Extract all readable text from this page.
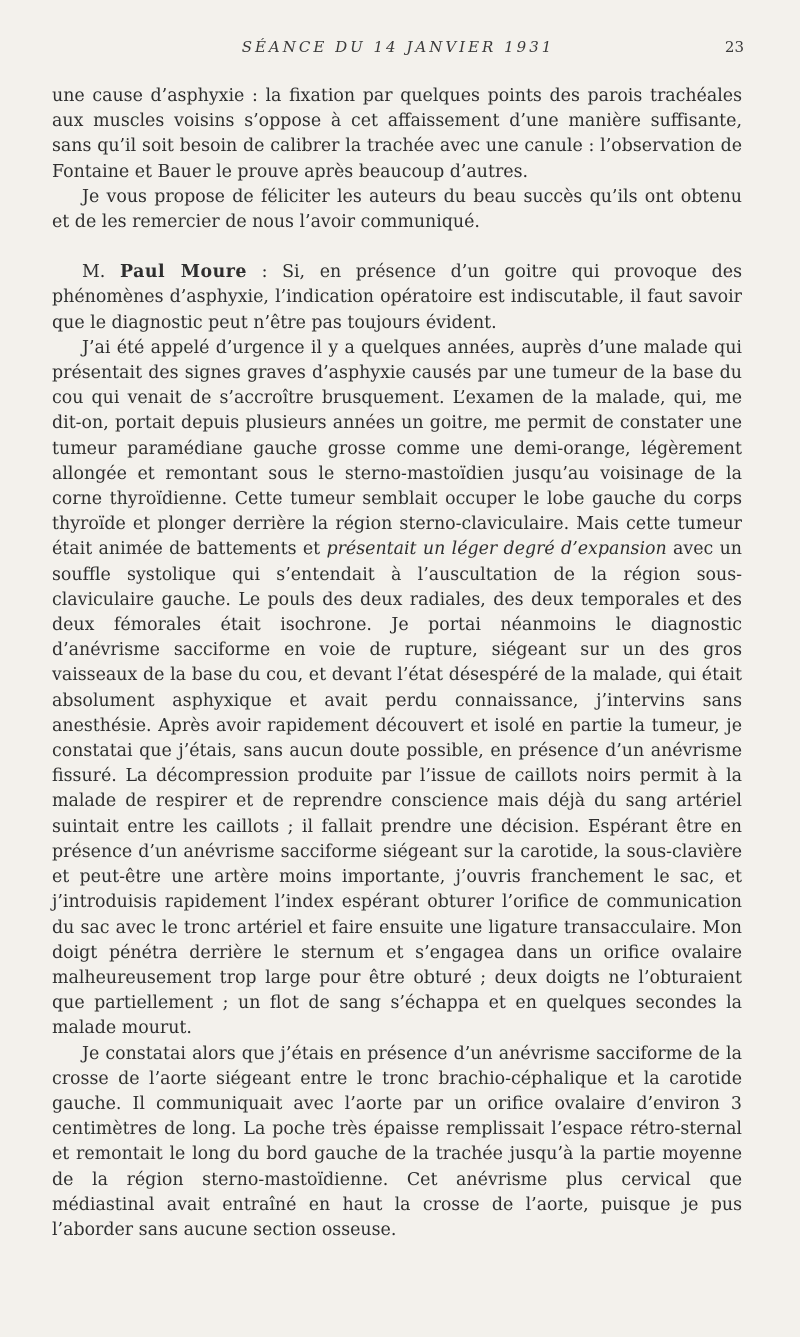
SÉANCE DU 14 JANVIER 1931	23

une cause d’asphyxie : la fixation par quelques points des parois trachéales aux muscles voisins s’oppose à cet affaissement d’une manière suffisante, sans qu’il soit besoin de calibrer la trachée avec une canule : l’observation de Fontaine et Bauer le prouve après beaucoup d’autres.

Je vous propose de féliciter les auteurs du beau succès qu’ils ont obtenu et de les remercier de nous l’avoir communiqué.

M. Paul Moure : Si, en présence d’un goitre qui provoque des phénomènes d’asphyxie, l’indication opératoire est indiscutable, il faut savoir que le diagnostic peut n’être pas toujours évident.

J’ai été appelé d’urgence il y a quelques années, auprès d’une malade qui présentait des signes graves d’asphyxie causés par une tumeur de la base du cou qui venait de s’accroître brusquement. L’examen de la malade, qui, me dit-on, portait depuis plusieurs années un goitre, me permit de constater une tumeur paramédiane gauche grosse comme une demi-orange, légèrement allongée et remontant sous le sterno-mastoïdien jusqu’au voisinage de la corne thyroïdienne. Cette tumeur semblait occuper le lobe gauche du corps thyroïde et plonger derrière la région sterno-claviculaire. Mais cette tumeur était animée de battements et présentait un léger degré d’expansion avec un souffle systolique qui s’entendait à l’auscultation de la région sous-claviculaire gauche. Le pouls des deux radiales, des deux temporales et des deux fémorales était isochrone. Je portai néanmoins le diagnostic d’anévrisme sacciforme en voie de rupture, siégeant sur un des gros vaisseaux de la base du cou, et devant l’état désespéré de la malade, qui était absolument asphyxique et avait perdu connaissance, j’intervins sans anesthésie. Après avoir rapidement découvert et isolé en partie la tumeur, je constatai que j’étais, sans aucun doute possible, en présence d’un anévrisme fissuré. La décompression produite par l’issue de caillots noirs permit à la malade de respirer et de reprendre conscience mais déjà du sang artériel suintait entre les caillots ; il fallait prendre une décision. Espérant être en présence d’un anévrisme sacciforme siégeant sur la carotide, la sous-clavière et peut-être une artère moins importante, j’ouvris franchement le sac, et j’introduisis rapidement l’index espérant obturer l’orifice de communication du sac avec le tronc artériel et faire ensuite une ligature transacculaire. Mon doigt pénétra derrière le sternum et s’engagea dans un orifice ovalaire malheureusement trop large pour être obturé ; deux doigts ne l’obturaient que partiellement ; un flot de sang s’échappa et en quelques secondes la malade mourut.

Je constatai alors que j’étais en présence d’un anévrisme sacciforme de la crosse de l’aorte siégeant entre le tronc brachio-céphalique et la carotide gauche. Il communiquait avec l’aorte par un orifice ovalaire d’environ 3 centimètres de long. La poche très épaisse remplissait l’espace rétro-sternal et remontait le long du bord gauche de la trachée jusqu’à la partie moyenne de la région sterno-mastoïdienne. Cet anévrisme plus cervical que médiastinal avait entraîné en haut la crosse de l’aorte, puisque je pus l’aborder sans aucune section osseuse.
